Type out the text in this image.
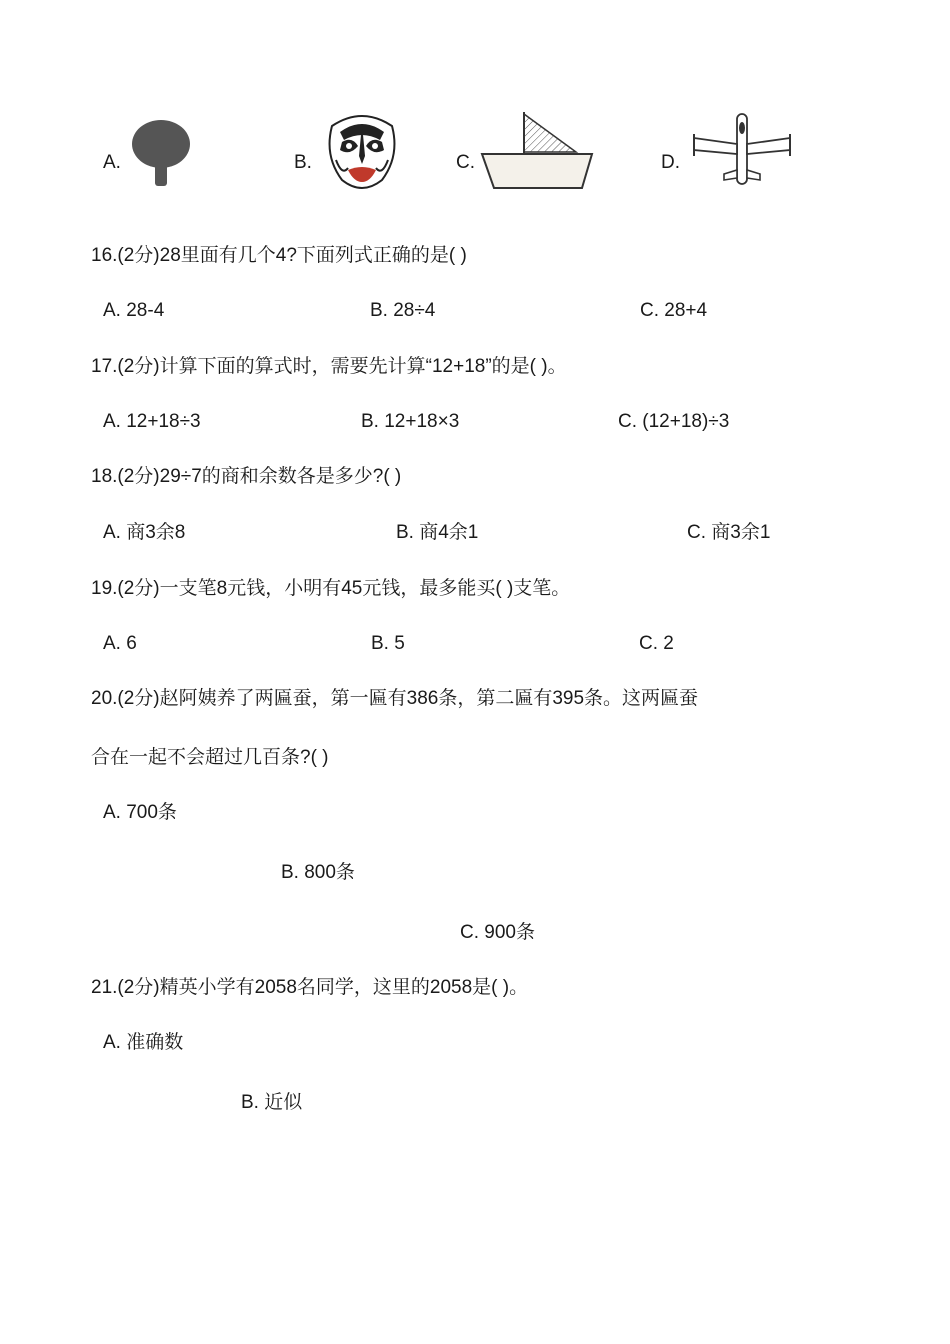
A.	B.	C.	D.
16.(2分)28里面有几个4?下面列式正确的是( )
A. 28-4	B. 28÷4	C. 28+4
17.(2分)计算下面的算式时，需要先计算“12+18”的是( )。
A. 12+18÷3	B. 12+18×3	C. (12+18)÷3
18.(2分)29÷7的商和余数各是多少?( )
A. 商3余8	B. 商4余1	C. 商3余1
19.(2分)一支笔8元钱，小明有45元钱，最多能买( )支笔。
A. 6	B. 5	C. 2
20.(2分)赵阿姨养了两匾蚕，第一匾有386条，第二匾有395条。这两匾蚕
合在一起不会超过几百条?( )
A. 700条
B. 800条
C. 900条
21.(2分)精英小学有2058名同学，这里的2058是( )。
A. 准确数
B. 近似
